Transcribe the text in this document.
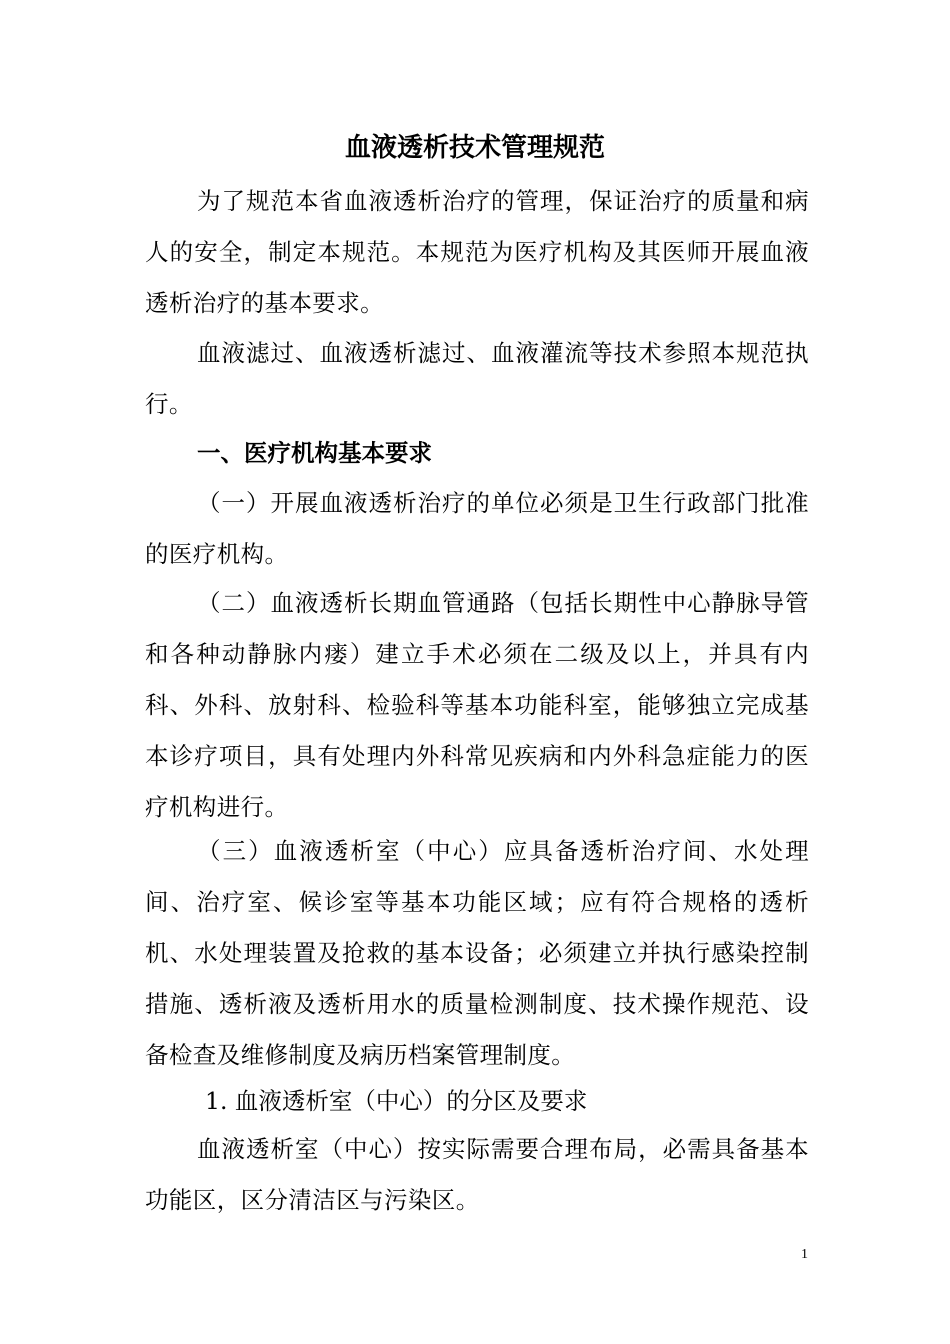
血液透析技术管理规范
为了规范本省血液透析治疗的管理，保证治疗的质量和病人的安全，制定本规范。本规范为医疗机构及其医师开展血液透析治疗的基本要求。
血液滤过、血液透析滤过、血液灌流等技术参照本规范执行。
一、医疗机构基本要求
（一）开展血液透析治疗的单位必须是卫生行政部门批准的医疗机构。
（二）血液透析长期血管通路（包括长期性中心静脉导管和各种动静脉内瘘）建立手术必须在二级及以上，并具有内科、外科、放射科、检验科等基本功能科室，能够独立完成基本诊疗项目，具有处理内外科常见疾病和内外科急症能力的医疗机构进行。
（三）血液透析室（中心）应具备透析治疗间、水处理间、治疗室、候诊室等基本功能区域；应有符合规格的透析机、水处理装置及抢救的基本设备；必须建立并执行感染控制措施、透析液及透析用水的质量检测制度、技术操作规范、设备检查及维修制度及病历档案管理制度。
1. 血液透析室（中心）的分区及要求
血液透析室（中心）按实际需要合理布局，必需具备基本功能区，区分清洁区与污染区。
1
